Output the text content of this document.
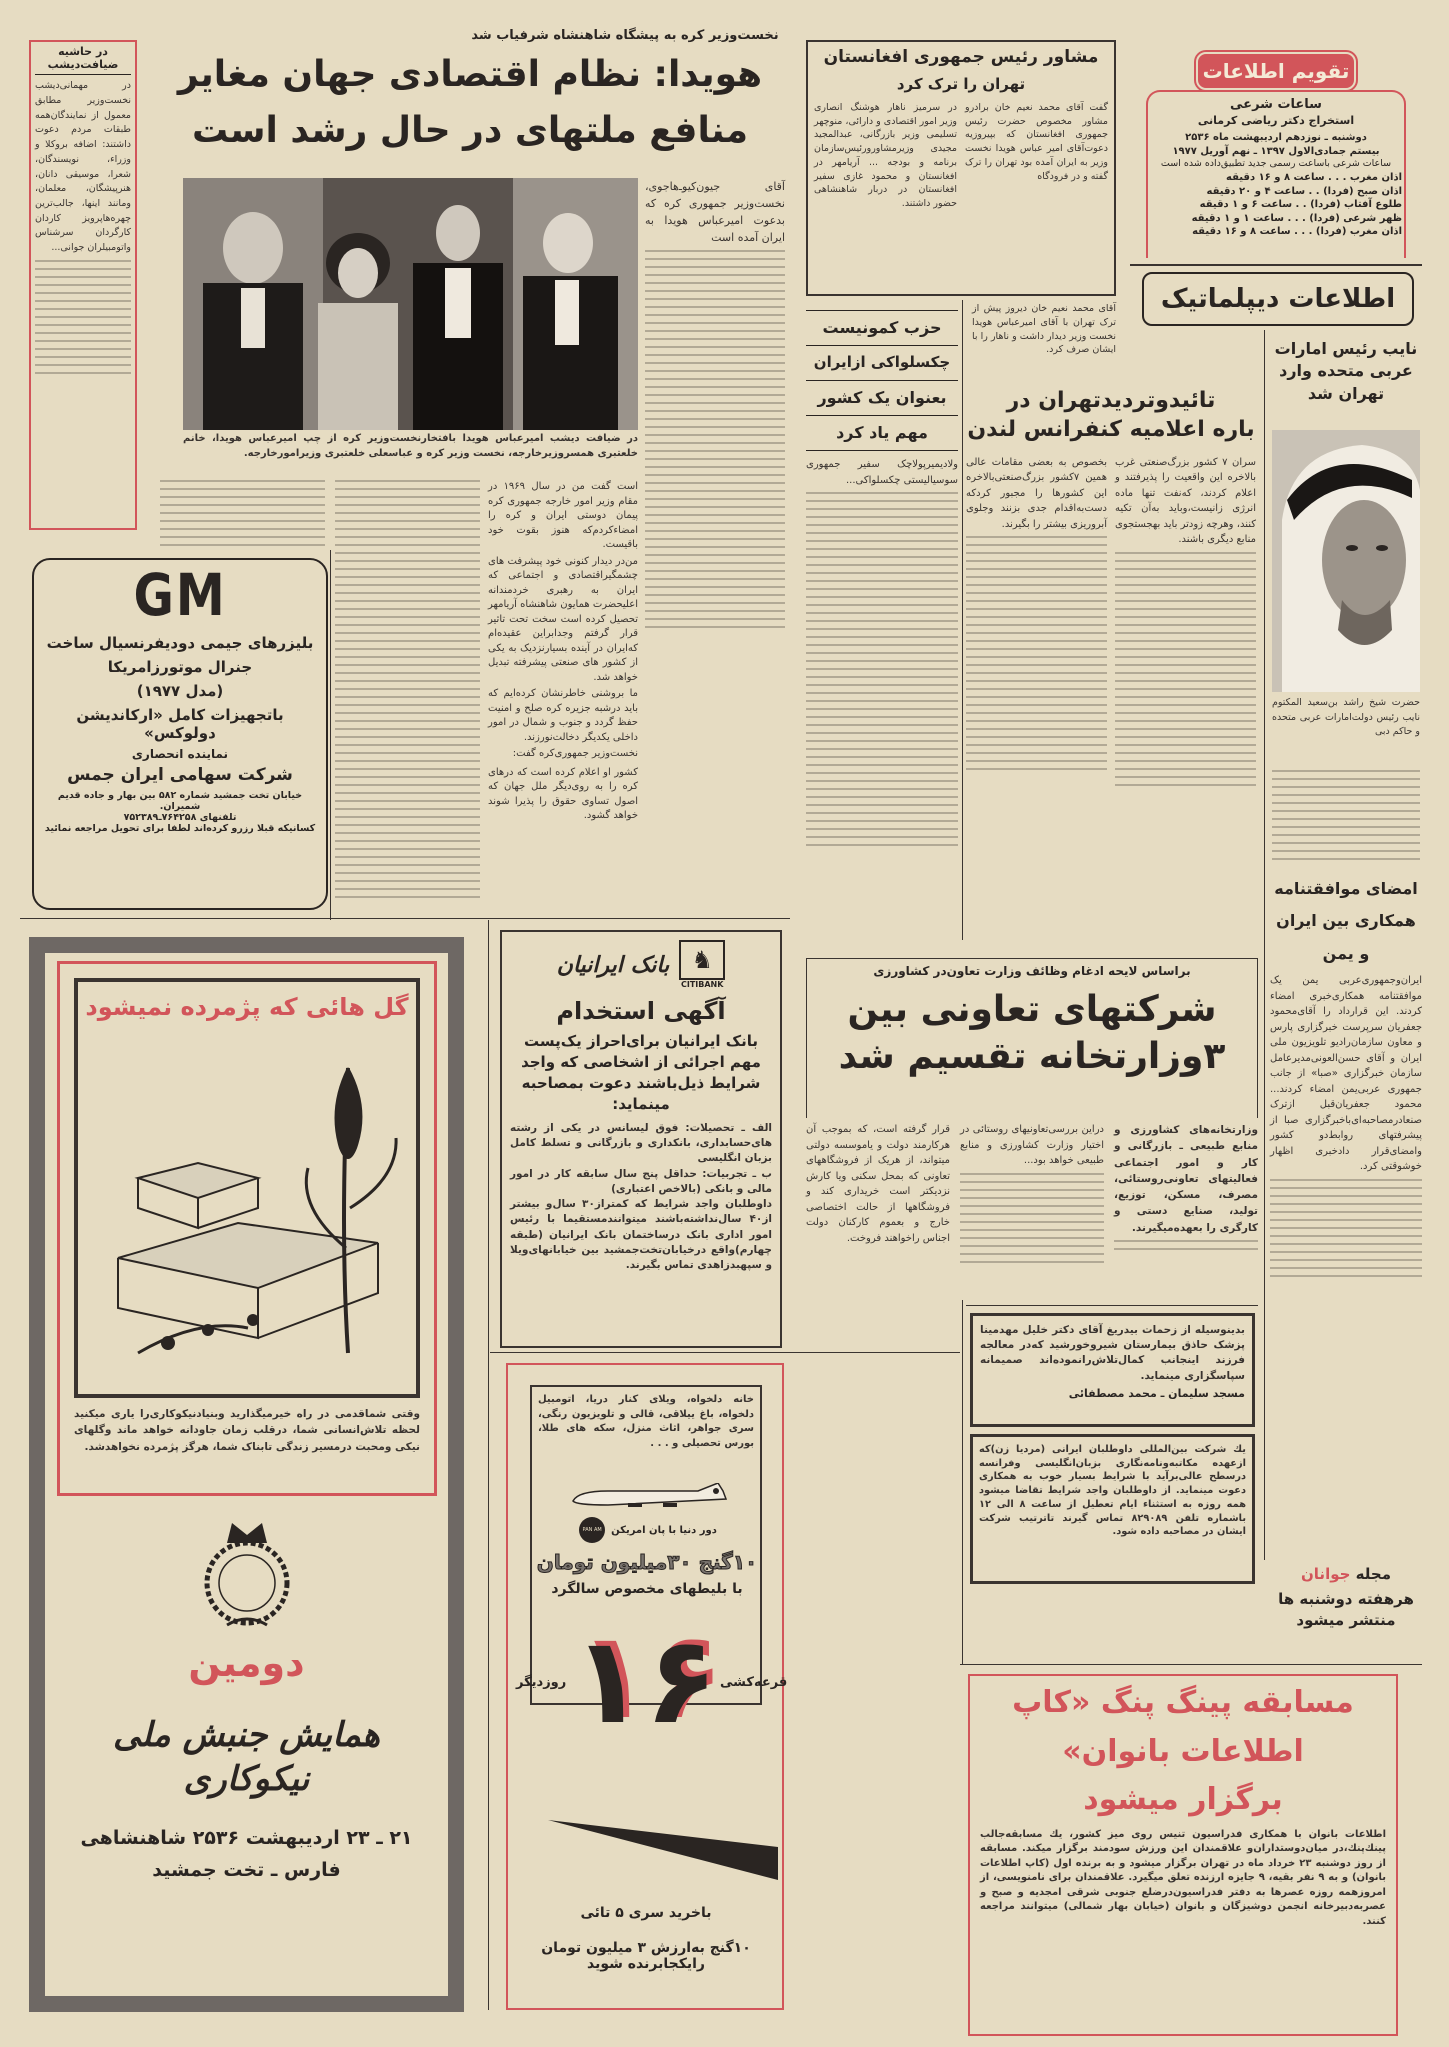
در حاشیه ضیافت‌دیشب
در مهمانی‌دیشب نخست‌وزیر مطابق معمول از نمایندگان‌همه طبقات مردم دعوت داشتند: اضافه بر‌وکلا و وزراء، نویسندگان، شعرا، موسیقی دانان، هنرپیشگان، معلمان، ومانند اینها، جالب‌ترین چهره‌ها‌پرویز کاردان کارگردان سرشناس واتومبیلران جوانی...
نخست‌وزیر کره به پیشگاه شاهنشاه شرفیاب شد
هویدا: نظام اقتصادی جهان مغایر
منافع ملتهای در حال رشد است
در ضیافت دیشب امیرعباس هویدا بافتخارنخست‌وزیر کره از چپ امیرعباس هویدا، خانم خلعتبری همسروزیرخارجه، نخست وزیر کره و عباسعلی خلعتبری وزیرامورخارجه.
آقای جیون‌کیوـ‌هاجوی، نخست‌وزیر جمهوری کره که بدعوت امیرعباس هویدا به ایران آمده است
است گفت من در سال ۱۹۶۹ در مقام وزیر امور خارجه جمهوری کره پیمان دوستی ایران و کره را امضاءکردم‌که هنوز بقوت خود باقیست.
من‌در دیدار کنونی خود پیشرفت های چشمگیراقتصادی و اجتماعی که ایران به رهبری خردمندانه اعلیحضرت همایون شاهنشاه آریامهر تحصیل کرده است سخت تحت تاثیر قرار گرفتم وجدابراین عقیده‌ام که‌ایران در آینده بسیارنزدیک به یکی از کشور های صنعتی پیشرفته تبدیل خواهد شد.
ما بروشنی خاطرنشان کرده‌ایم که باید درشبه جزیره کره صلح و امنیت حفظ گردد و جنوب و شمال در امور داخلی یکدیگر دخالت‌نورزند.
نخست‌وزیر جمهوری‌کره گفت:
کشور او اعلام کرده است که درهای کره را به روی‌دیگر ملل جهان که اصول تساوی حقوق را پذیرا شوند خواهد گشود.
مشاور رئیس جمهوری افغانستان
تهران را ترک کرد
گفت آقای محمد نعیم خان برادرو مشاور مخصوص حضرت رئیس جمهوری افغانستان که بپیروزیه دعوت‌آقای امیر عباس هویدا نخست وزیر به ایران آمده بود تهران را ترک گفته و در فرودگاه
در سرمیز ناهار هوشنگ انصاری وزیر امور اقتصادی و دارائی، منوچهر تسلیمی وزیر بازرگانی، عبدالمجید مجیدی وزیرمشاورورئیس‌سازمان برنامه و بودجه ... آریامهر در افغانستان و محمود غازی سفیر افغانستان در دربار شاهنشاهی حضور داشتند.
آقای محمد نعیم خان دیروز پیش از ترک تهران با آقای امیرعباس هویدا نخست وزیر دیدار داشت و ناهار را با ایشان صرف کرد.
حزب کمونیست
چکسلواکی ازایران
بعنوان یک کشور
مهم یاد کرد
ولادیمیرپولاچک سفیر جمهوری سوسیالیستی چکسلواکی...
تقویم اطلاعات
ساعات شرعی
استخراج دکتر ریاضی کرمانی
دوشنبه ـ نوزدهم اردیبهشت ماه ۲۵۳۶
بیستم جمادی‌الاول ۱۳۹۷ ـ نهم آوریل ۱۹۷۷
ساعات شرعی باساعت رسمی جدید تطبیق‌داده شده است
اذان مغرب . . . ساعت ۸ و ۱۶ دقیقه
اذان صبح (فردا) . . ساعت ۴ و ۲۰ دقیقه
طلوع آفتاب (فردا) . . ساعت ۶ و ۱ دقیقه
ظهر شرعی (فردا) . . . ساعت ۱ و ۱ دقیقه
اذان مغرب (فردا) . . . ساعت ۸ و ۱۶ دقیقه
اطلاعات دیپلماتیک
نایب رئیس امارات
عربی متحده وارد
تهران شد
حضرت شیخ راشد بن‌سعید المکتوم نایب رئیس دولت‌امارات عربی متحده و حاکم دبی
تائیدوتردیدتهران در
باره اعلامیه کنفرانس لندن
سران ۷ کشور بزرگ‌صنعتی غرب بالاخره این واقعیت را پذیرفتند و اعلام کردند، که‌نفت تنها ماده انرژی زانیست،وباید به‌آن تکیه کنند، وهرچه زودتر باید بهجستجوی منابع دیگری باشند.
بخصوص به بعضی مقامات عالی همین ۷کشور بزرگ‌صنعتی‌بالاخره این کشورها را مجبور کرد‌که دست‌به‌اقدام جدی بزنند وجلوی آبروریزی بیشتر را بگیرند.
امضای موافقتنامه
همکاری بین ایران
و یمن
ایران‌وجمهوری‌عربی یمن یک موافقتنامه همکاری‌خبری امضاء کردند. این قرارداد را آقای‌محمود جعفریان سرپرست خبرگزاری پارس و معاون سازمان‌رادیو تلویزیون ملی ایران و آقای حسن‌العونی‌مدیرعامل سازمان خبرگزاری «صبا» از جانب جمهوری عربی‌یمن امضاء کردند... محمود جعفریان‌قبل ازترک صنعادرمصاحبه‌ای‌باخبرگزاری صبا از پیشرفتهای روابط‌دو کشور وامضای‌قرار دادخبری اظهار خوشوقتی کرد.
براساس لایحه ادغام وظائف وزارت تعاون‌در کشاورزی
شرکتهای تعاونی بین
۳وزارتخانه تقسیم شد
وزارتخانه‌های کشاورزی و منابع طبیعی ـ بازرگانی و کار و امور اجتماعی فعالیتهای تعاونی‌روستائی، مصرف، مسکن، توزیع، تولید، صنایع دستی و کارگری را بعهده‌میگیرند.
دراین بررسی‌تعاونیهای روستائی در اختیار وزارت کشاورزی و منابع طبیعی خواهد بود...
قرار گرفته است، که بموجب آن هرکارمند دولت و یاموسسه دولتی میتواند، از هریک از فروشگاههای تعاونی که بمحل سکنی ویا کارش نزدیکتر است خریداری کند و فروشگاهها از حالت اختصاصی خارج و بعموم کارکنان دولت اجناس راخواهند فروخت.
بدینوسیله از زحمات بیدریغ آقای دکتر خلیل مهدمینا پزشک حاذق بیمارستان شیروخورشید که‌در معالجه فرزند اینجانب کمال‌تلاش‌رانموده‌اند صمیمانه سپاسگزاری مینماید.
مسجد سلیمان ـ محمد مصطفائی
یك شرکت بین‌المللی داوطلبان ایرانی (مردیا زن)که ازعهده مکاتبه‌ونامه‌نگاری بزبان‌انگلیسی وفرانسه درسطح عالی‌برآید با شرایط بسیار خوب به همکاری دعوت مینماید. از داوطلبان واجد شرایط تقاضا میشود همه روزه به استثناء ایام تعطیل از ساعت ۸ الی ۱۲ باشماره تلفن ۸۲۹۰۸۹ تماس گیرند تاترتیب شرکت ایشان در مصاحبه داده شود.
مجله جوانان
هرهفته دوشنبه ها منتشر میشود
مسابقه پینگ پنگ «کاپ
اطلاعات بانوان»
برگزار میشود
اطلاعات بانوان با همکاری فدراسیون تنیس روی میز کشور، یك مسابقه‌جالب پینك‌پنك،در میان‌دوستداران‌و علاقمندان این ورزش سودمند برگزار میکند. مسابقه از روز دوشنبه ۲۳ خرداد ماه در تهران برگزار میشود و به برنده اول (کاپ اطلاعات بانوان) و به ۹ نفر بقیه، ۹ جایزه ارزنده تعلق میگیرد. علاقمندان برای نامنویسی، از امروزهمه روزه عصرها به دفتر فدراسیون‌درضلع جنوبی شرقی امجدیه و صبح و عصربه‌دبیرخانه انجمن دوشیزگان و بانوان (خیابان بهار شمالی) میتوانند مراجعه کنند.
GM
بلیزرهای جیمی دودیفرنسیال ساخت
جنرال موتورزامریکا
(مدل ۱۹۷۷)
باتجهیزات کامل «ارکاندیشن دولوکس»
نماینده انحصاری
شرکت سهامی ایران جمس
خیابان تخت جمشید شماره ۵۸۲ بین بهار و جاده قدیم شمیران.
تلفنهای ۷۶۴۲۵۸ـ۷۵۲۳۸۹
کسانیکه قبلا رزرو کرده‌اند لطفا برای تحویل مراجعه نمائید
گل هائی که پژمرده نمیشود
وقتی شماقدمی در راه خیرمیگذارید وبنیادنیکوکاری‌را یاری میکنید لحظه تلاش‌انسانی شما، درقلب زمان جاودانه خواهد ماند وگلهای نیکی ومحبت درمسیر زندگی تابناک شما، هرگز پژمرده نخواهدشد.
دومین
همایش جنبش ملی نیکوکاری
۲۱ ـ ۲۳ اردیبهشت ۲۵۳۶ شاهنشاهی
فارس ـ تخت جمشید
♞
CITIBANK
بانک ایرانیان
آگهی استخدام
بانک ایرانیان برای‌احراز یک‌پست مهم اجرائی از اشخاصی که واجد شرایط ذیل‌باشند دعوت بمصاحبه مینماید:
الف ـ تحصیلات: فوق لیسانس در یکی از رشته های‌حسابداری، بانکداری و بازرگانی و تسلط کامل بزبان انگلیسی
ب ـ تجربیات: حداقل پنج سال سابقه کار در امور مالی و بانکی (بالاخص اعتباری)
داوطلبان واجد شرایط که کمتراز۳۰ سال‌و بیشتر از۴۰ سال‌نداشته‌باشند میتوانندمستقیما با رئیس امور اداری بانک درساختمان بانک ایرانیان (طبقه چهارم)واقع درخیابان‌تخت‌جمشید بین خیابانهای‌ویلا و سپهبدزاهدی تماس بگیرند.
خانه دلخواه، ویلای کنار دریا، اتومبیل دلخواه، باغ ییلاقی، قالی و تلویزیون رنگی، سری جواهر، اثاث منزل، سکه های طلا، بورس تحصیلی و . . .
دور دنیا با پان امریکن
PAN AM
۱۰گنج ۳۰میلیون تومان
با بلیطهای مخصوص سالگرد
۱۶ قرعه‌کشی
روزدیگر
باخرید سری ۵ تائی
۱۰گنج به‌ارزش ۳ میلیون تومان رایکجابرنده شوید
